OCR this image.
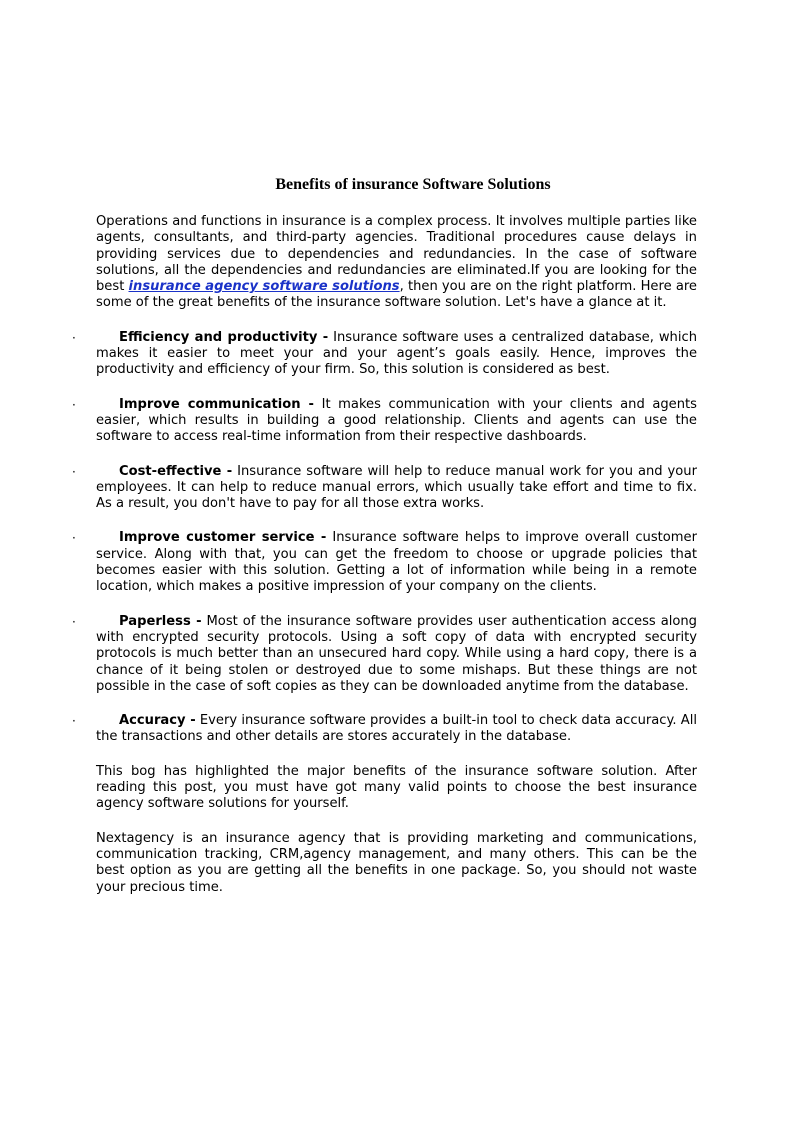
Benefits of insurance Software Solutions

Operations and functions in insurance is a complex process. It involves multiple parties like agents, consultants, and third-party agencies. Traditional procedures cause delays in providing services due to dependencies and redundancies. In the case of software solutions, all the dependencies and redundancies are eliminated.If you are looking for the best insurance agency software solutions, then you are on the right platform. Here are some of the great benefits of the insurance software solution. Let's have a glance at it.

·	Efficiency and productivity - Insurance software uses a centralized database, which makes it easier to meet your and your agent’s goals easily. Hence, improves the productivity and efficiency of your firm. So, this solution is considered as best.

·	Improve communication - It makes communication with your clients and agents easier, which results in building a good relationship. Clients and agents can use the software to access real-time information from their respective dashboards.

·	Cost-effective - Insurance software will help to reduce manual work for you and your employees. It can help to reduce manual errors, which usually take effort and time to fix. As a result, you don't have to pay for all those extra works.

·	Improve customer service - Insurance software helps to improve overall customer service. Along with that, you can get the freedom to choose or upgrade policies that becomes easier with this solution. Getting a lot of information while being in a remote location, which makes a positive impression of your company on the clients.

·	Paperless - Most of the insurance software provides user authentication access along with encrypted security protocols. Using a soft copy of data with encrypted security protocols is much better than an unsecured hard copy. While using a hard copy, there is a chance of it being stolen or destroyed due to some mishaps. But these things are not possible in the case of soft copies as they can be downloaded anytime from the database.

·	Accuracy - Every insurance software provides a built-in tool to check data accuracy. All the transactions and other details are stores accurately in the database.

This bog has highlighted the major benefits of the insurance software solution. After reading this post, you must have got many valid points to choose the best insurance agency software solutions for yourself.

Nextagency is an insurance agency that is providing marketing and communications, communication tracking, CRM,agency management, and many others. This can be the best option as you are getting all the benefits in one package. So, you should not waste your precious time.
